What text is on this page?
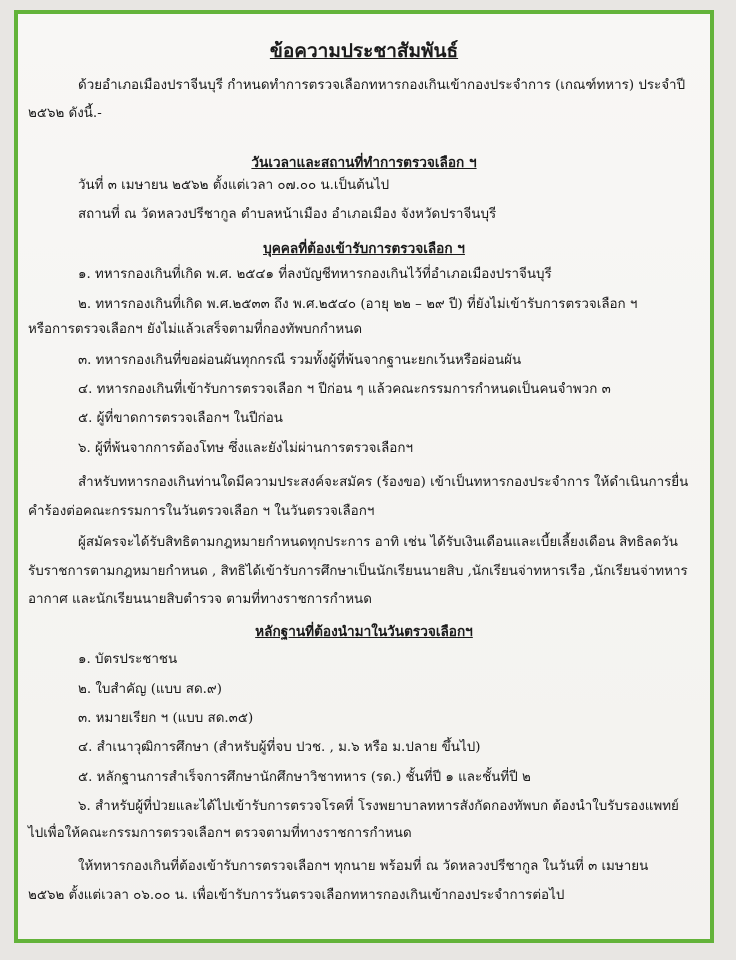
ข้อความประชาสัมพันธ์
ด้วยอำเภอเมืองปราจีนบุรี กำหนดทำการตรวจเลือกทหารกองเกินเข้ากองประจำการ (เกณฑ์ทหาร) ประจำปี
๒๕๖๒ ดังนี้.-
วันเวลาและสถานที่ทำการตรวจเลือก ฯ
วันที่ ๓ เมษายน ๒๕๖๒ ตั้งแต่เวลา ๐๗.๐๐ น.เป็นต้นไป
สถานที่ ณ วัดหลวงปรีชากูล ตำบลหน้าเมือง อำเภอเมือง จังหวัดปราจีนบุรี
บุคคลที่ต้องเข้ารับการตรวจเลือก ฯ
๑. ทหารกองเกินที่เกิด พ.ศ. ๒๕๔๑ ที่ลงบัญชีทหารกองเกินไว้ที่อำเภอเมืองปราจีนบุรี
๒. ทหารกองเกินที่เกิด พ.ศ.๒๕๓๓ ถึง พ.ศ.๒๕๔๐ (อายุ ๒๒ – ๒๙ ปี) ที่ยังไม่เข้ารับการตรวจเลือก ฯ
หรือการตรวจเลือกฯ ยังไม่แล้วเสร็จตามที่กองทัพบกกำหนด
๓. ทหารกองเกินที่ขอผ่อนผันทุกกรณี รวมทั้งผู้ที่พ้นจากฐานะยกเว้นหรือผ่อนผัน
๔. ทหารกองเกินที่เข้ารับการตรวจเลือก ฯ ปีก่อน ๆ แล้วคณะกรรมการกำหนดเป็นคนจำพวก ๓
๕. ผู้ที่ขาดการตรวจเลือกฯ ในปีก่อน
๖. ผู้ที่พ้นจากการต้องโทษ ซึ่งและยังไม่ผ่านการตรวจเลือกฯ
สำหรับทหารกองเกินท่านใดมีความประสงค์จะสมัคร (ร้องขอ) เข้าเป็นทหารกองประจำการ ให้ดำเนินการยื่น
คำร้องต่อคณะกรรมการในวันตรวจเลือก ฯ ในวันตรวจเลือกฯ
ผู้สมัครจะได้รับสิทธิตามกฎหมายกำหนดทุกประการ อาทิ เช่น ได้รับเงินเดือนและเบี้ยเลี้ยงเดือน สิทธิลดวัน
รับราชการตามกฎหมายกำหนด , สิทธิได้เข้ารับการศึกษาเป็นนักเรียนนายสิบ ,นักเรียนจ่าทหารเรือ ,นักเรียนจ่าทหาร
อากาศ และนักเรียนนายสิบตำรวจ ตามที่ทางราชการกำหนด
หลักฐานที่ต้องนำมาในวันตรวจเลือกฯ
๑. บัตรประชาชน
๒. ใบสำคัญ (แบบ สด.๙)
๓. หมายเรียก ฯ (แบบ สด.๓๕)
๔. สำเนาวุฒิการศึกษา (สำหรับผู้ที่จบ ปวช. , ม.๖ หรือ ม.ปลาย ขึ้นไป)
๕. หลักฐานการสำเร็จการศึกษานักศึกษาวิชาทหาร (รด.) ชั้นที่ปี ๑ และชั้นที่ปี ๒
๖. สำหรับผู้ที่ป่วยและได้ไปเข้ารับการตรวจโรคที่ โรงพยาบาลทหารสังกัดกองทัพบก ต้องนำใบรับรองแพทย์
ไปเพื่อให้คณะกรรมการตรวจเลือกฯ ตรวจตามที่ทางราชการกำหนด
ให้ทหารกองเกินที่ต้องเข้ารับการตรวจเลือกฯ ทุกนาย พร้อมที่ ณ วัดหลวงปรีชากูล ในวันที่ ๓ เมษายน
๒๕๖๒ ตั้งแต่เวลา ๐๖.๐๐ น. เพื่อเข้ารับการวันตรวจเลือกทหารกองเกินเข้ากองประจำการต่อไป
